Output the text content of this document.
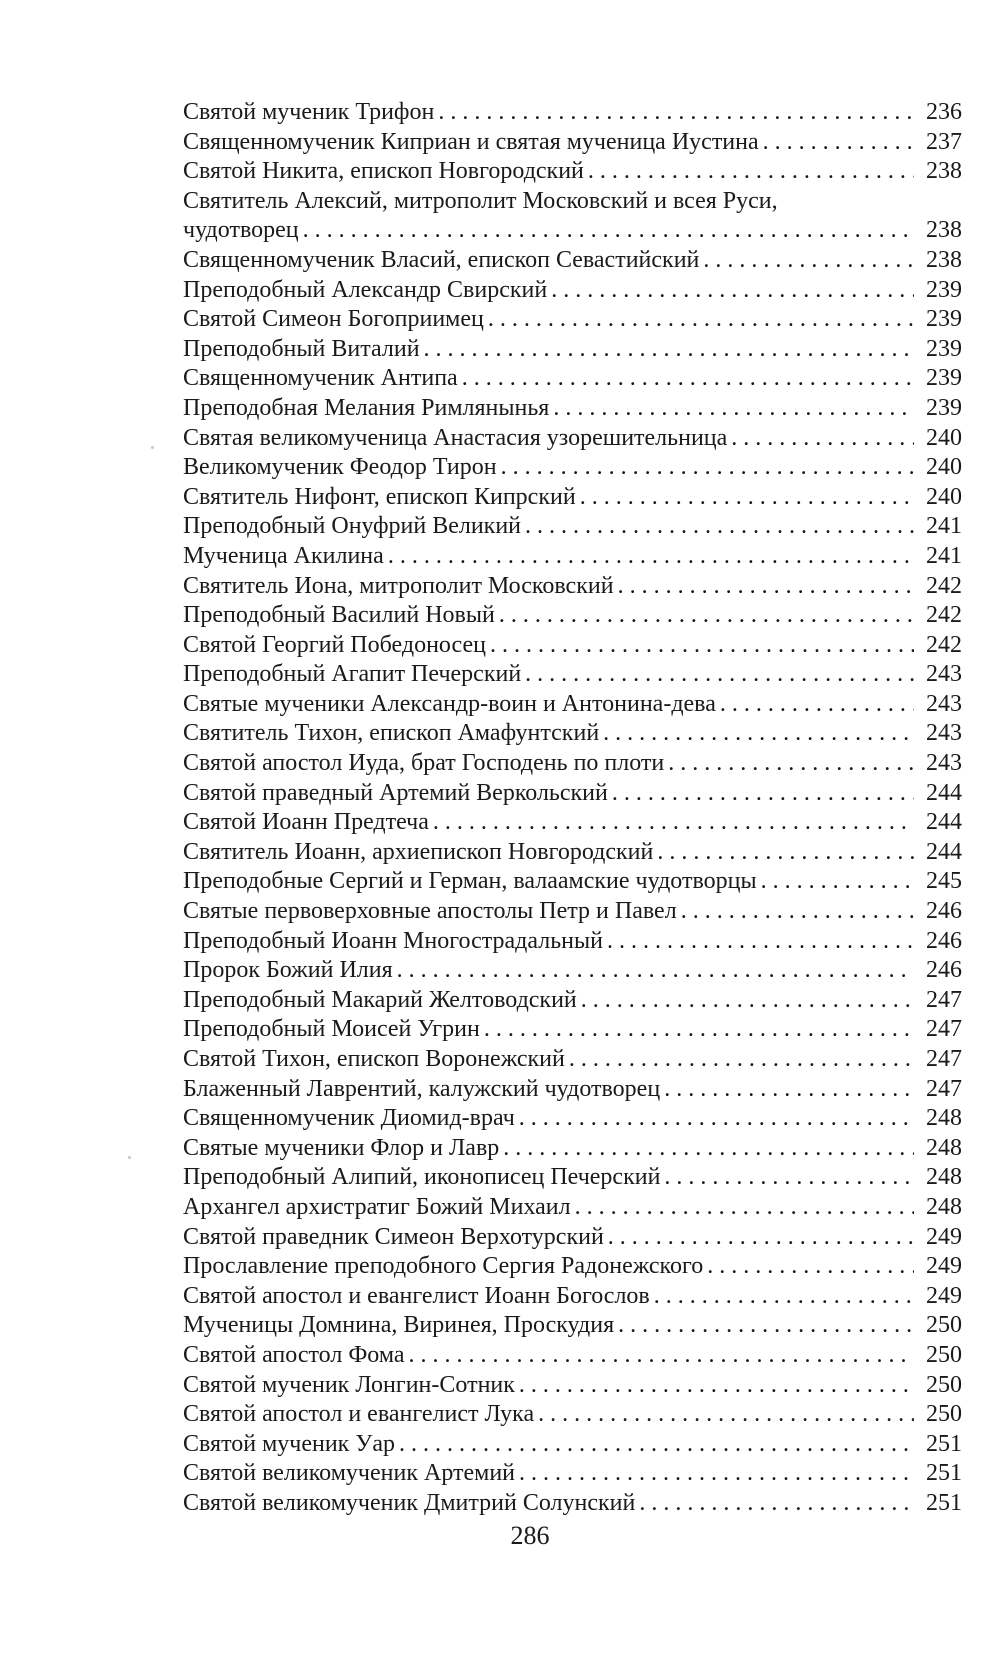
Святой мученик Трифон . . .	236
Священномученик Киприан и святая мученица Иустина . . .	237
Святой Никита, епископ Новгородский . . .	238
Святитель Алексий, митрополит Московский и всея Руси,
чудотворец . . .	238
Священномученик Власий, епископ Севастийский . . .	238
Преподобный Александр Свирский . . .	239
Святой Симеон Богоприимец . . .	239
Преподобный Виталий . . .	239
Священномученик Антипа . . .	239
Преподобная Мелания Римлянынья . . .	239
Святая великомученица Анастасия узорешительница . . .	240
Великомученик Феодор Тирон . . .	240
Святитель Нифонт, епископ Кипрский . . .	240
Преподобный Онуфрий Великий . . .	241
Мученица Акилина . . .	241
Святитель Иона, митрополит Московский . . .	242
Преподобный Василий Новый . . .	242
Святой Георгий Победоносец . . .	242
Преподобный Агапит Печерский . . .	243
Святые мученики Александр-воин и Антонина-дева . . .	243
Святитель Тихон, епископ Амафунтский . . .	243
Святой апостол Иуда, брат Господень по плоти . . .	243
Святой праведный Артемий Веркольский . . .	244
Святой Иоанн Предтеча . . .	244
Святитель Иоанн, архиепископ Новгородский . . .	244
Преподобные Сергий и Герман, валаамские чудотворцы . . .	245
Святые первоверховные апостолы Петр и Павел . . .	246
Преподобный Иоанн Многострадальный . . .	246
Пророк Божий Илия . . .	246
Преподобный Макарий Желтоводский . . .	247
Преподобный Моисей Угрин . . .	247
Святой Тихон, епископ Воронежский . . .	247
Блаженный Лаврентий, калужский чудотворец . . .	247
Священномученик Диомид-врач . . .	248
Святые мученики Флор и Лавр . . .	248
Преподобный Алипий, иконописец Печерский . . .	248
Архангел архистратиг Божий Михаил . . .	248
Святой праведник Симеон Верхотурский . . .	249
Прославление преподобного Сергия Радонежского . . .	249
Святой апостол и евангелист Иоанн Богослов . . .	249
Мученицы Домнина, Виринея, Проскудия . . .	250
Святой апостол Фома . . .	250
Святой мученик Лонгин-Сотник . . .	250
Святой апостол и евангелист Лука . . .	250
Святой мученик Уар . . .	251
Святой великомученик Артемий . . .	251
Святой великомученик Дмитрий Солунский . . .	251
286
